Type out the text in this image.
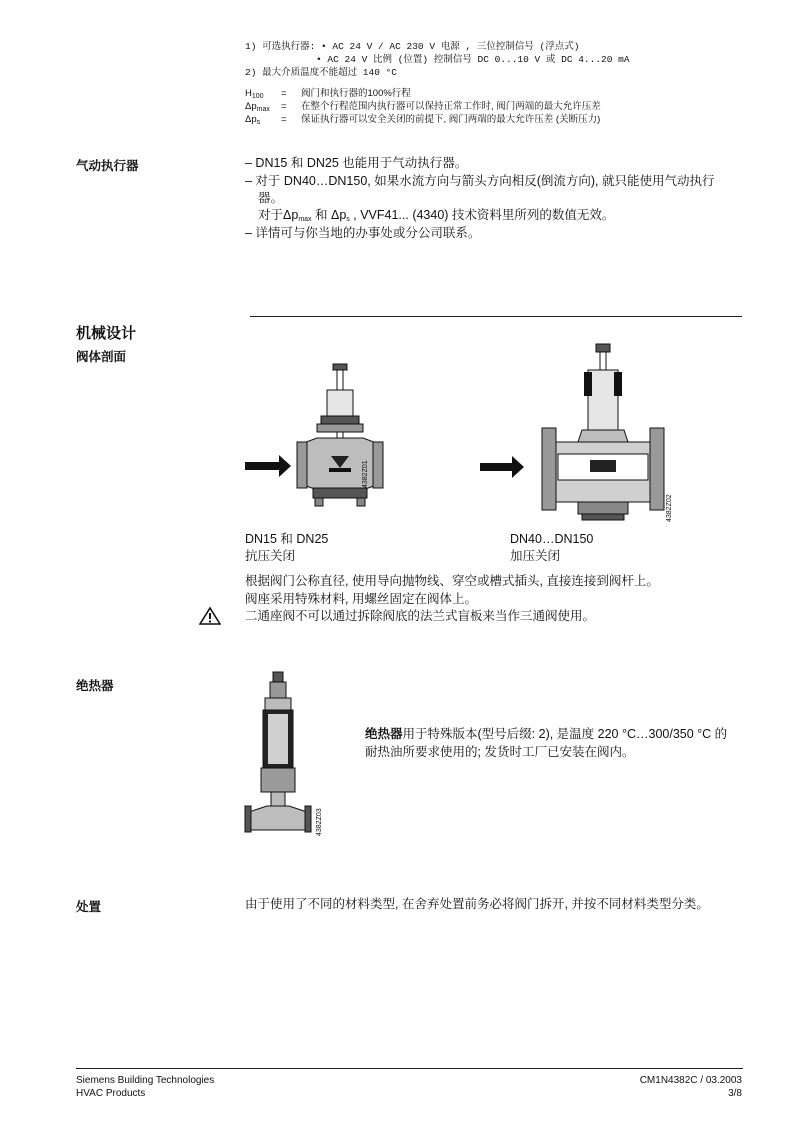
1) 可选执行器: • AC 24 V / AC 230 V 电源 , 三位控制信号 (浮点式)
• AC 24 V 比例 (位置) 控制信号 DC 0...10 V 或 DC 4...20 mA
2) 最大介质温度不能超过 140 °C
$H_{100}$ = 阀门和执行器的100%行程
$\Delta p_{max}$ = 在整个行程范围内执行器可以保持正常工作时, 阀门两端的最大允许压差
$\Delta p_s$ = 保证执行器可以安全关闭的前提下, 阀门两端的最大允许压差 (关断压力)
气动执行器	– DN15 和 DN25 也能用于气动执行器。
– 对于 DN40…DN150, 如果水流方向与箭头方向相反(倒流方向), 就只能使用气动执行
器。
对于$\Delta p_{max}$ 和 $\Delta p_s$ , VVF41... (4340) 技术资料里所列的数值无效。
– 详情可与你当地的办事处或分公司联系。
机械设计
阀体剖面
4382Z01
4382Z02
DN15 和 DN25
抗压关闭
DN40…DN150
加压关闭
根据阀门公称直径, 使用导向抛物线、穿空或槽式插头, 直接连接到阀杆上。
阀座采用特殊材料, 用螺丝固定在阀体上。
二通座阀不可以通过拆除阀底的法兰式盲板来当作三通阀使用。
绝热器
4382Z03
绝热器用于特殊版本(型号后缀: 2), 是温度 220 °C…300/350 °C 的
耐热油所要求使用的; 发货时工厂已安装在阀内。
处置	由于使用了不同的材料类型, 在舍弃处置前务必将阀门拆开, 并按不同材料类型分类。
Siemens Building Technologies
HVAC Products
CM1N4382C / 03.2003
3/8
